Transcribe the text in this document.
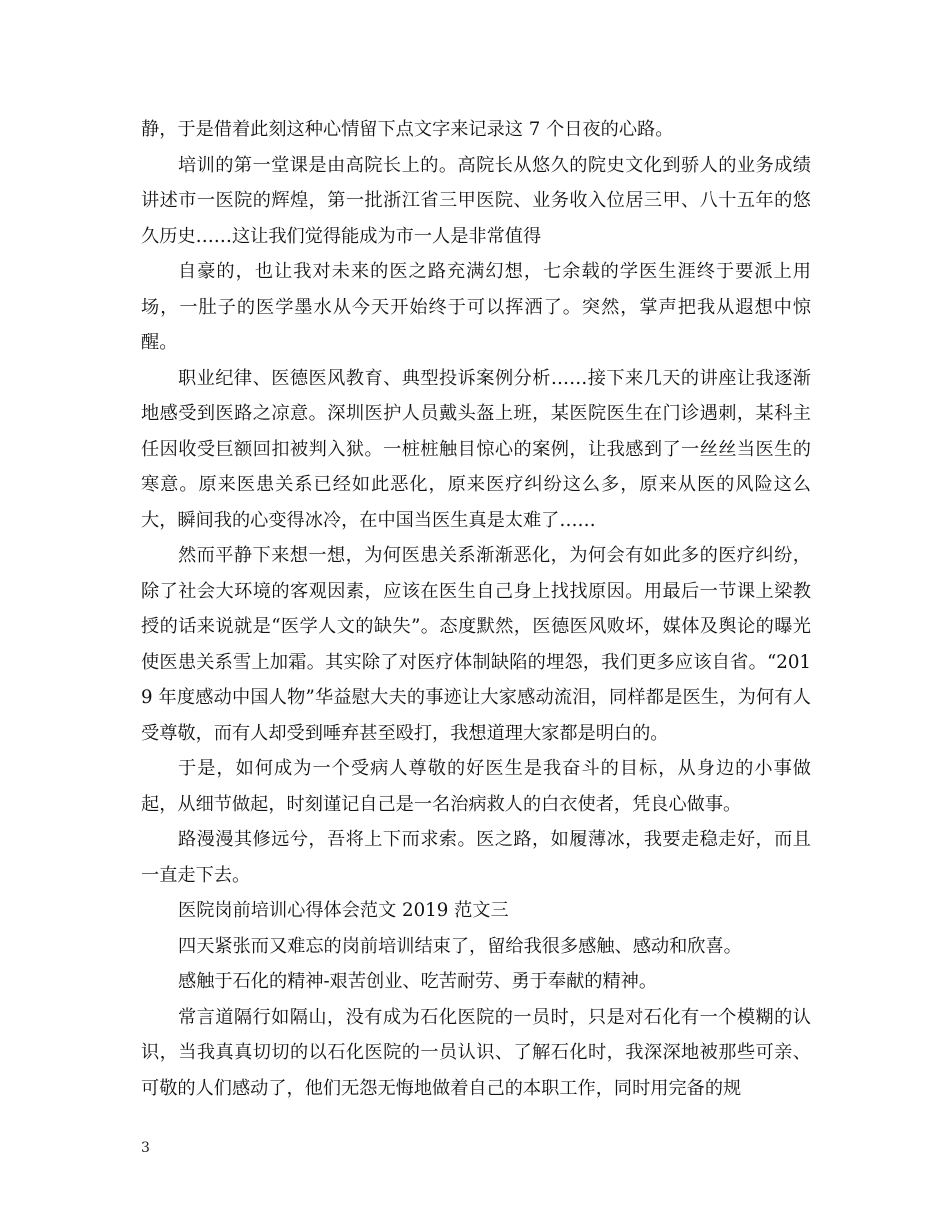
静，于是借着此刻这种心情留下点文字来记录这 7 个日夜的心路。

培训的第一堂课是由高院长上的。高院长从悠久的院史文化到骄人的业务成绩讲述市一医院的辉煌，第一批浙江省三甲医院、业务收入位居三甲、八十五年的悠久历史……这让我们觉得能成为市一人是非常值得

自豪的，也让我对未来的医之路充满幻想，七余载的学医生涯终于要派上用场，一肚子的医学墨水从今天开始终于可以挥洒了。突然，掌声把我从遐想中惊醒。

职业纪律、医德医风教育、典型投诉案例分析……接下来几天的讲座让我逐渐地感受到医路之凉意。深圳医护人员戴头盔上班，某医院医生在门诊遇刺，某科主任因收受巨额回扣被判入狱。一桩桩触目惊心的案例，让我感到了一丝丝当医生的寒意。原来医患关系已经如此恶化，原来医疗纠纷这么多，原来从医的风险这么大，瞬间我的心变得冰冷，在中国当医生真是太难了……

然而平静下来想一想，为何医患关系渐渐恶化，为何会有如此多的医疗纠纷，除了社会大环境的客观因素，应该在医生自己身上找找原因。用最后一节课上梁教授的话来说就是“医学人文的缺失”。态度默然，医德医风败坏，媒体及舆论的曝光使医患关系雪上加霜。其实除了对医疗体制缺陷的埋怨，我们更多应该自省。“2019 年度感动中国人物”华益慰大夫的事迹让大家感动流泪，同样都是医生，为何有人受尊敬，而有人却受到唾弃甚至殴打，我想道理大家都是明白的。

于是，如何成为一个受病人尊敬的好医生是我奋斗的目标，从身边的小事做起，从细节做起，时刻谨记自己是一名治病救人的白衣使者，凭良心做事。

路漫漫其修远兮，吾将上下而求索。医之路，如履薄冰，我要走稳走好，而且一直走下去。

医院岗前培训心得体会范文 2019 范文三

四天紧张而又难忘的岗前培训结束了，留给我很多感触、感动和欣喜。

感触于石化的精神-艰苦创业、吃苦耐劳、勇于奉献的精神。

常言道隔行如隔山，没有成为石化医院的一员时，只是对石化有一个模糊的认识，当我真真切切的以石化医院的一员认识、了解石化时，我深深地被那些可亲、可敬的人们感动了，他们无怨无悔地做着自己的本职工作，同时用完备的规

3
